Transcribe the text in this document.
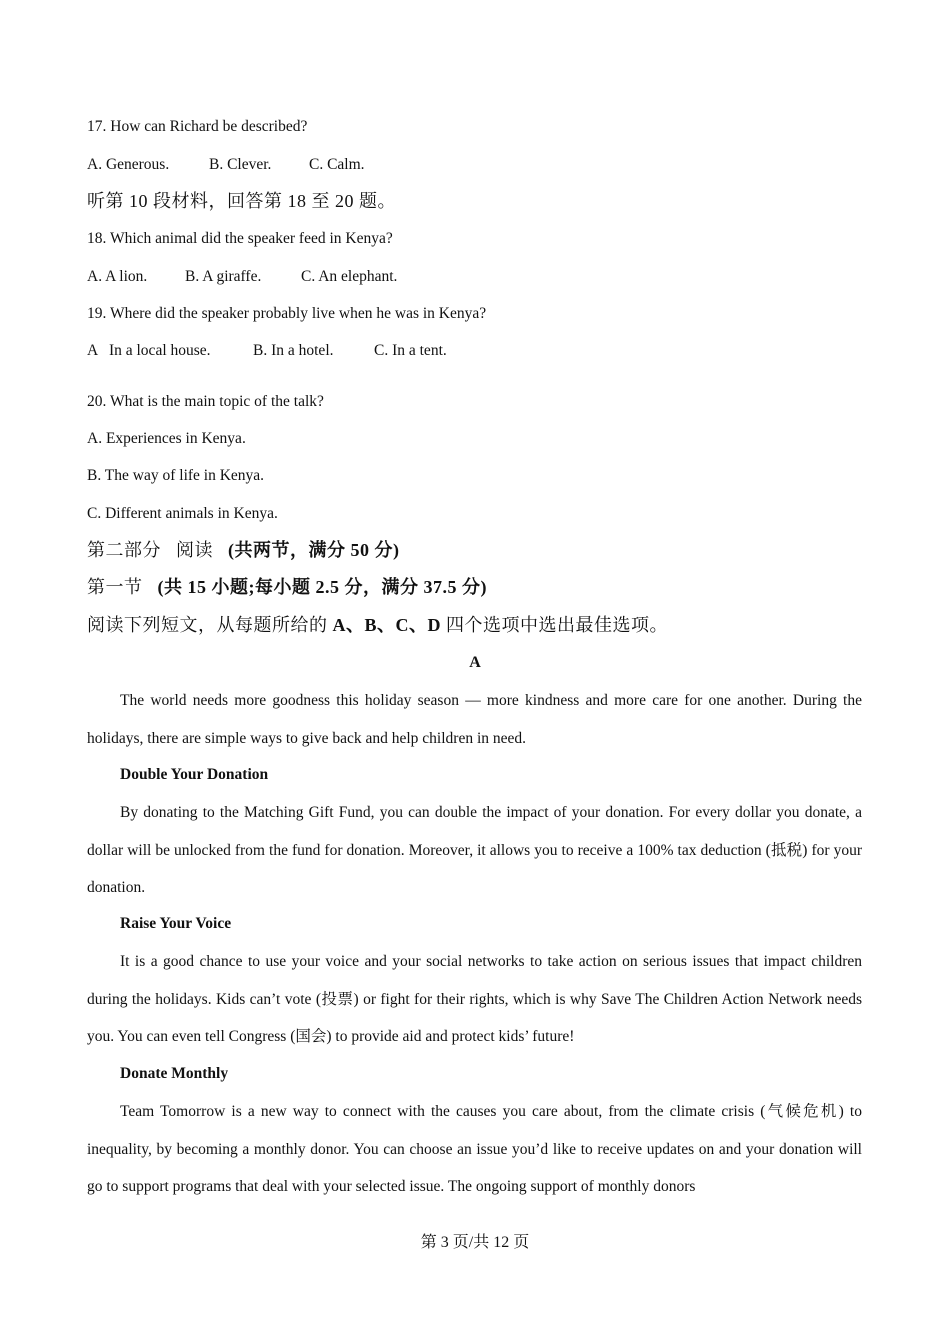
17. How can Richard be described?
A. Generous.	B. Clever. C. Calm.
听第 10 段材料，回答第 18 至 20 题。
18. Which animal did the speaker feed in Kenya?
A. A lion. B. A giraffe.	C. An elephant.
19. Where did the speaker probably live when he was in Kenya?
A   In a local house.	B. In a hotel.	C. In a tent.
20. What is the main topic of the talk?
A. Experiences in Kenya.
B. The way of life in Kenya.
C. Different animals in Kenya.
第二部分   阅读   (共两节，满分 50 分)
第一节   (共 15 小题;每小题 2.5 分，满分 37.5 分)
阅读下列短文，从每题所给的 A、B、C、D 四个选项中选出最佳选项。
A
The world needs more goodness this holiday season — more kindness and more care for one another. During the holidays, there are simple ways to give back and help children in need.
Double Your Donation
By donating to the Matching Gift Fund, you can double the impact of your donation. For every dollar you donate, a dollar will be unlocked from the fund for donation. Moreover, it allows you to receive a 100% tax deduction (抵税) for your donation.
Raise Your Voice
It is a good chance to use your voice and your social networks to take action on serious issues that impact children during the holidays. Kids can’t vote (投票) or fight for their rights, which is why Save The Children Action Network needs you. You can even tell Congress (国会) to provide aid and protect kids’ future!
Donate Monthly
Team Tomorrow is a new way to connect with the causes you care about, from the climate crisis (气候危机) to inequality, by becoming a monthly donor. You can choose an issue you’d like to receive updates on and your donation will go to support programs that deal with your selected issue. The ongoing support of monthly donors
第 3 页/共 12 页
